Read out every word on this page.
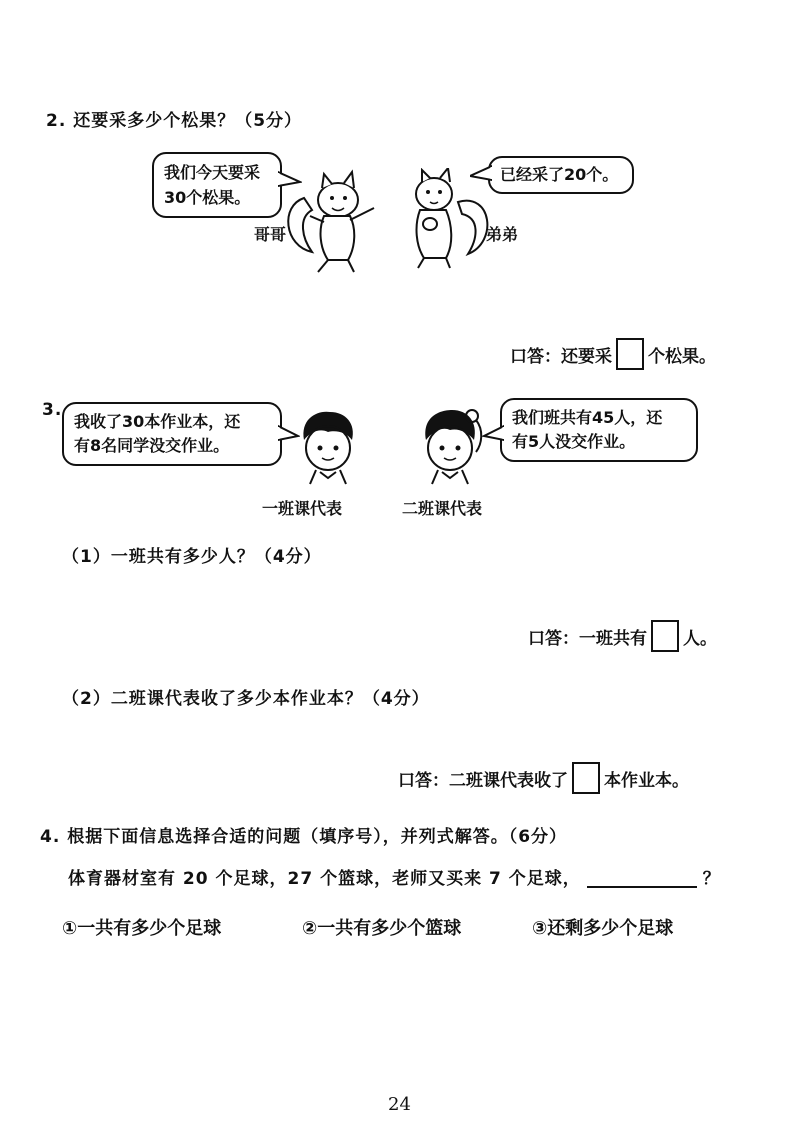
2. 还要采多少个松果？（5分）
我们今天要采
30个松果。
已经采了20个。
哥哥	弟弟
口答：还要采 个松果。
3.
我收了30本作业本，还
有8名同学没交作业。
我们班共有45人，还
有5人没交作业。
一班课代表	二班课代表
（1）一班共有多少人？（4分）
口答：一班共有 人。
（2）二班课代表收了多少本作业本？（4分）
口答：二班课代表收了 本作业本。
4. 根据下面信息选择合适的问题（填序号），并列式解答。（6分）
体育器材室有 20 个足球，27 个篮球，老师又买来 7 个足球，	？
①一共有多少个足球	②一共有多少个篮球	③还剩多少个足球
24
